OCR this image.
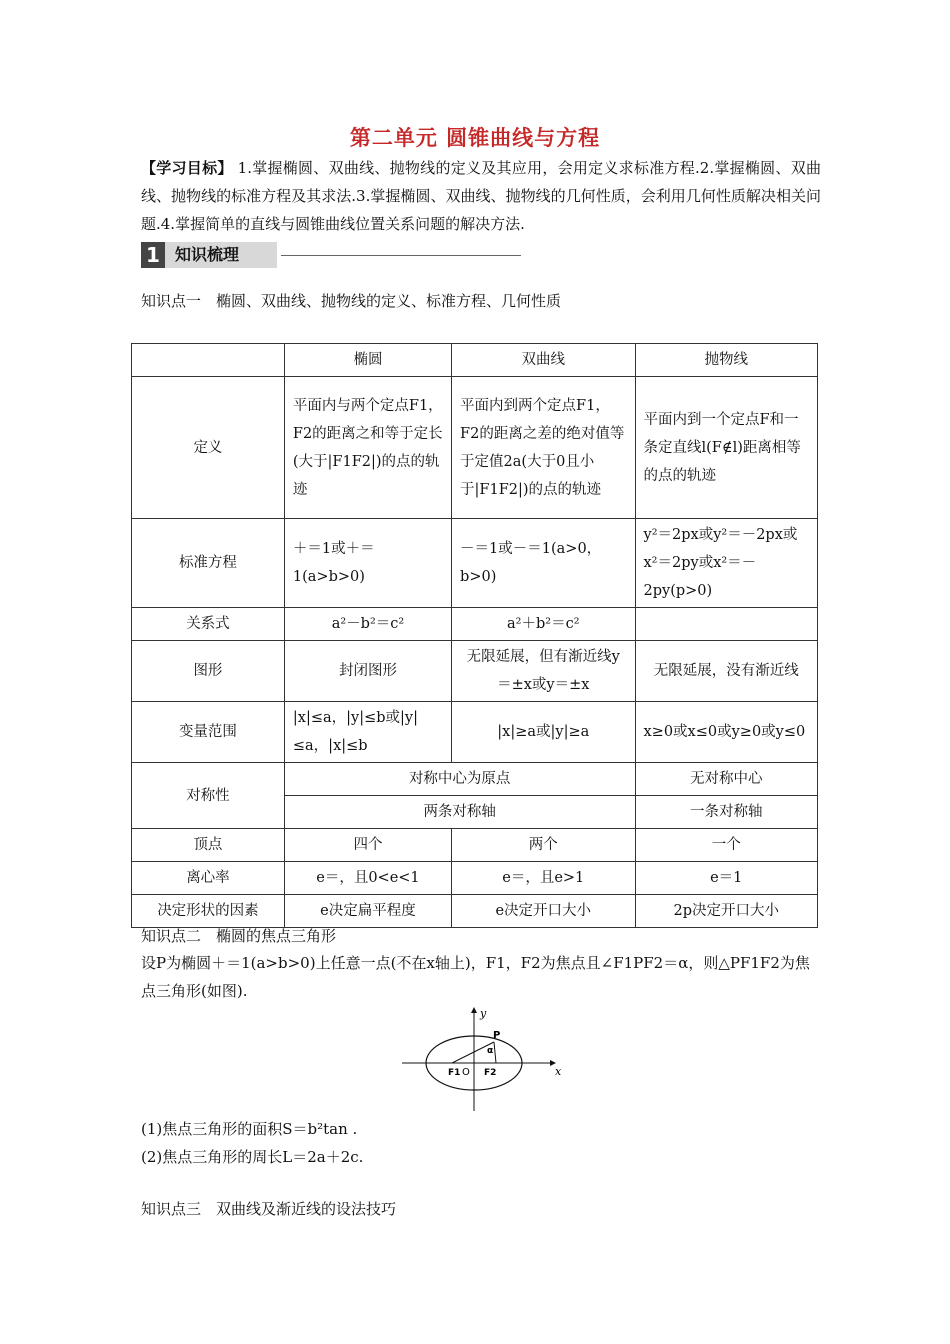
第二单元 圆锥曲线与方程
【学习目标】 1.掌握椭圆、双曲线、抛物线的定义及其应用，会用定义求标准方程.2.掌握椭圆、双曲线、抛物线的标准方程及其求法.3.掌握椭圆、双曲线、抛物线的几何性质，会利用几何性质解决相关问题.4.掌握简单的直线与圆锥曲线位置关系问题的解决方法.
1 知识梳理
知识点一　椭圆、双曲线、抛物线的定义、标准方程、几何性质
	椭圆	双曲线	抛物线
定义	平面内与两个定点F1，F2的距离之和等于定长(大于|F1F2|)的点的轨迹	平面内到两个定点F1，F2的距离之差的绝对值等于定值2a(大于0且小于|F1F2|)的点的轨迹	平面内到一个定点F和一条定直线l(F∉l)距离相等的点的轨迹
标准方程	＋＝1或＋＝1(a>b>0)	－＝1或－＝1(a>0，b>0)	y²＝2px或y²＝－2px或x²＝2py或x²＝－2py(p>0)
关系式	a²－b²＝c²	a²＋b²＝c²	
图形	封闭图形	无限延展，但有渐近线y＝±x或y＝±x	无限延展，没有渐近线
变量范围	|x|≤a，|y|≤b或|y|≤a，|x|≤b	|x|≥a或|y|≥a	x≥0或x≤0或y≥0或y≤0
对称性	对称中心为原点		无对称中心
	两条对称轴		一条对称轴
顶点	四个	两个	一个
离心率	e＝，且0<e<1	e＝，且e>1	e＝1
决定形状的因素	e决定扁平程度	e决定开口大小	2p决定开口大小
知识点二　椭圆的焦点三角形
设P为椭圆＋＝1(a>b>0)上任意一点(不在x轴上)，F1，F2为焦点且∠F1PF2＝α，则△PF1F2为焦点三角形(如图).
x
y
P
α
F1 O F2
(1)焦点三角形的面积S＝b²tan .
(2)焦点三角形的周长L＝2a＋2c.
知识点三　双曲线及渐近线的设法技巧
